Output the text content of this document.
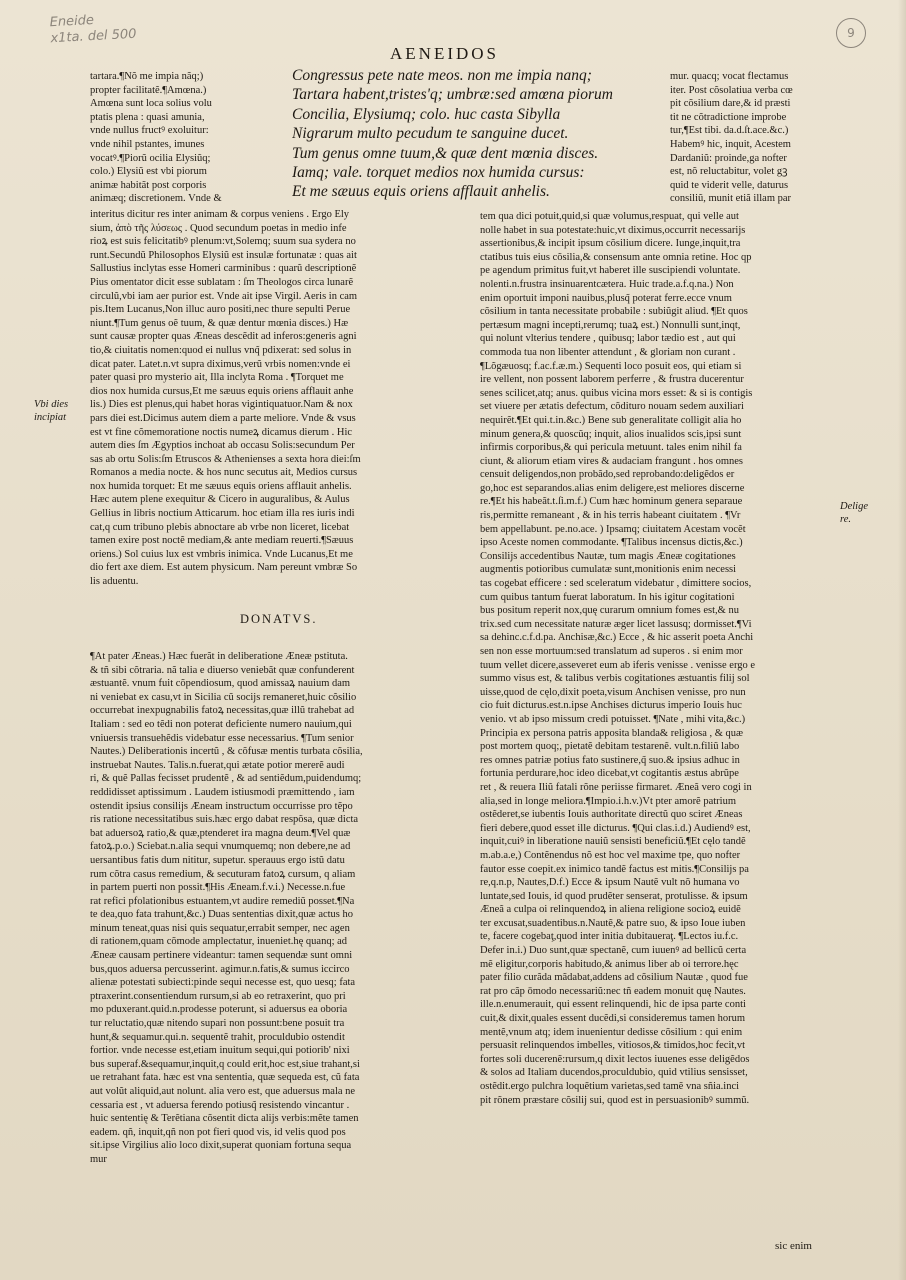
Eneide
x1ta. del 500	9
AENEIDOS
tartara.¶Nõ me impia nãq;)
propter facilitatẽ.¶Amœna.)
Amœna sunt loca solius volu
ptatis plena : quasi amunia,
vnde nullus fructꝰ exoluitur:
vnde nihil pstantes, imunes
vocatꝰ.¶Piorũ ocilia Elysiũq;
colo.) Elysiũ est vbi piorum
animæ habitãt post corporis
animæq; discretionem. Vnde &
Congressus pete nate meos. non me impia nanq;
Tartara habent,tristes'q; umbræ:sed amœna piorum
Concilia, Elysiumq; colo. huc casta Sibylla
Nigrarum multo pecudum te sanguine ducet.
Tum genus omne tuum,& quæ dent mœnia disces.
Iamq; vale. torquet medios nox humida cursus:
Et me sæuus equis oriens afflauit anhelis.
mur. quacq; vocat flectamus
iter. Post cõsolatiua verba cœ
pit cõsilium dare,& id præsti
tit ne cõtradictione improbe
tur,¶Est tibi. da.d.ſt.ace.&c.)
Habemꝰ hic, inquit, Acestem
Dardaniũ: proinde,ga nofter
est, nõ reluctabitur, volet gꝫ
quid te viderit velle, daturus
consiliũ, munit etiã illam par
interitus dicitur res inter animam & corpus veniens . Ergo Ely
sium, ἀπὸ τῆς λύσεως . Quod secundum poetas in medio infe
rioꝝ est suis felicitatibꝰ plenum:vt,Solemq; suum sua sydera no
runt.Secundũ Philosophos Elysiũ est insulæ fortunatæ : quas ait
Sallustius inclytas esse Homeri carminibus : quarũ descriptionẽ
Pius omentator dicit esse sublatam : ſm Theologos circa lunarẽ
circulũ,vbi iam aer purior est. Vnde ait ipse Virgil. Aeris in cam
pis.Item Lucanus,Non illuc auro positi,nec thure sepulti Perue
niunt.¶Tum genus oẽ tuum, & quæ dentur mœnia disces.) Hæ
sunt causæ propter quas Æneas descẽdit ad inferos:generis agni
tio,& ciuitatis nomen:quod ei nullus vnq̃ pdixerat: sed solus in
dicat pater. Latet.n.vt supra diximus,verũ vrbis nomen:vnde ei
pater quasi pro mysterio ait, Illa inclyta Roma . ¶Torquet me
dios nox humida cursus,Et me sæuus equis oriens afflauit anhe
lis.) Dies est plenus,qui habet horas vigintiquatuor.Nam & nox
pars diei est.Dicimus autem diem a parte meliore. Vnde & vsus
est vt fine cõmemoratione noctis numeꝝ dicamus dierum . Hic
autem dies ſm Ægyptios inchoat ab occasu Solis:secundum Per
sas ab ortu Solis:ſm Etruscos & Athenienses a sexta hora diei:ſm
Romanos a media nocte. & hos nunc secutus ait, Medios cursus
nox humida torquet: Et me sæuus equis oriens afflauit anhelis.
Hæc autem plene exequitur & Cicero in auguralibus, & Aulus
Gellius in libris noctium Atticarum. hoc etiam illa res iuris indi
cat,q cum tribuno plebis abnoctare ab vrbe non liceret, licebat
tamen exire post noctẽ mediam,& ante mediam reuerti.¶Sæuus
oriens.) Sol cuius lux est vmbris inimica. Vnde Lucanus,Et me
dio fert axe diem. Est autem physicum. Nam pereunt vmbræ So
lis aduentu.
Vbi dies
incipiat
DONATVS.
¶At pater Æneas.) Hæc fuerãt in deliberatione Æneæ pstituta.
& tñ sibi cõtraria. nã talia e diuerso veniebãt quæ confunderent
æstuantẽ. vnum fuit cõpendiosum, quod amissaꝝ nauium dam
ni veniebat ex casu,vt in Sicilia cũ socijs remaneret,huic cõsilio
occurrebat inexpugnabilis fatoꝝ necessitas,quæ illũ trahebat ad
Italiam : sed eo tẽdi non poterat deficiente numero nauium,qui
vniuersis transuehẽdis videbatur esse necessarius. ¶Tum senior
Nautes.) Deliberationis incertũ , & cõfusæ mentis turbata cõsilia,
instruebat Nautes. Talis.n.fuerat,qui ætate potior mererẽ audi
ri, & quẽ Pallas fecisset prudentẽ , & ad sentiẽdum,puidendumq;
reddidisset aptissimum . Laudem istiusmodi præmittendo , iam
ostendit ipsius consilijs Æneam instructum occurrisse pro tẽpo
ris ratione necessitatibus suis.hæc ergo dabat respõsa, quæ dicta
bat aduersoꝝ ratio,& quæ,ptenderet ira magna deum.¶Vel quæ
fatoꝝ.p.o.) Sciebat.n.alia sequi vnumquemq; non debere,ne ad
uersantibus fatis dum nititur, supetur. sperauus ergo istũ datu
rum cõtra casus remedium, & secuturam fatoꝝ cursum, q aliam
in partem puerti non possit.¶His Æneam.f.v.i.) Necesse.n.fue
rat refici pfolationibus estuantem,vt audire remediũ posset.¶Na
te dea,quo fata trahunt,&c.) Duas sententias dixit,quæ actus ho
minum teneat,quas nisi quis sequatur,errabit semper, nec agen
di rationem,quam cõmode amplectatur, inueniet.hę quanq; ad
Æneæ causam pertinere videantur: tamen sequendæ sunt omni
bus,quos aduersa percusserint. agimur.n.fatis,& sumus iccirco
alienæ potestati subiecti:pinde sequi necesse est, quo uesq; fata
ptraxerint.consentiendum rursum,si ab eo retraxerint, quo pri
mo pduxerant.quid.n.prodesse poterunt, si aduersus ea oboria
tur reluctatio,quæ nitendo supari non possunt:bene posuit tra
hunt,& sequamur.qui.n. sequentẽ trahit, proculdubio ostendit
fortior. vnde necesse est,etiam inuitum sequi,qui potiorib' nixi
bus superaf.&sequamur,inquit,q could erit,hoc est,siue trahant,si
ue retrahant fata. hæc est vna sententia, quæ sequeda est, cũ fata
aut volũt aliquid,aut nolunt. alia vero est, que aduersus mala ne
cessaria est , vt aduersa ferendo potiusq̃ resistendo vincantur .
huic sententię & Terẽtiana cõsentit dicta alijs verbis:mẽte tamen
eadem. qñ, inquit,qñ non pot fieri quod vis, id velis quod pos
sit.ipse Virgilius alio loco dixit,superat quoniam fortuna sequa
mur
tem qua dici potuit,quid,si quæ volumus,respuat, qui velle aut
nolle habet in sua potestate:huic,vt diximus,occurrit necessarijs
assertionibus,& incipit ipsum cõsilium dicere. Iunge,inquit,tra
ctatibus tuis eius cõsilia,& consensum ante omnia retine. Hoc qp
pe agendum primitus fuit,vt haberet ille suscipiendi voluntate.
nolenti.n.frustra insinuarentcætera. Huic trade.a.f.q.na.) Non
enim oportuit imponi nauibus,plusq̃ poterat ferre.ecce vnum
cõsilium in tanta necessitate probabile : subiũgit aliud. ¶Et quos
pertæsum magni incepti,rerumq; tuaꝝ est.) Nonnulli sunt,inqt,
qui nolunt vlterius tendere , quibusq; labor tædio est , aut qui
commoda tua non libenter attendunt , & gloriam non curant .
¶Lõgæuosq; f.ac.f.æ.m.) Sequenti loco posuit eos, qui etiam si
ire vellent, non possent laborem perferre , & frustra ducerentur
senes scilicet,atq; anus. quibus vicina mors esset: & si is contigis
set viuere per ætatis defectum, cõditurо nouam sedem auxiliari
nequirẽt.¶Et qui.t.in.&c.) Bene sub generalitate colligit alia ho
minum genera,& quoscũq; inquit, alios inualidos scis,ipsi sunt
infirmis corporibus,& qui pericula metuunt. tales enim nihil fa
ciunt, & aliorum etiam vires & audaciam frangunt . hos omnes
censuit deligendos,non probãdo,sed reprobando:deligẽdos er
go,hoc est separandos.alias enim deligere,est meliores discerne
re.¶Et his habeãt.t.ſi.m.f.) Cum hæc hominum genera separaue
ris,permitte remaneant , & in his terris habeant ciuitatem . ¶Vr
bem appellabunt. pe.no.ace. ) Ipsamq; ciuitatem Acestam vocẽt
ipso Aceste nomen commodante. ¶Talibus incensus dictis,&c.)
Consilijs accedentibus Nautæ, tum magis Æneæ cogitationes
augmentis potioribus cumulatæ sunt,monitionis enim necessi
tas cogebat efficere : sed sceleratum videbatur , dimittere socios,
cum quibus tantum fuerat laboratum. In his igitur cogitationi
bus positum reperit nox,quę curarum omnium fomes est,& nu
trix.sed cum necessitate naturæ æger licet lassusq; dormisset.¶Vi
sa dehinc.c.f.d.pa. Anchisæ,&c.) Ecce , & hic asserit poeta Anchi
sen non esse mortuum:sed translatum ad superos . si enim mor
tuum vellet dicere,asseveret eum ab iferis venisse . venisse ergo e
summo visus est, & talibus verbis cogitationes æstuantis filij sol
uisse,quod de cęlo,dixit poeta,visum Anchisen venisse, pro nun
cio fuit dicturus.est.n.ipse Anchises dicturus imperio Iouis huc
venio. vt ab ipso missum credi potuisset. ¶Nate , mihi vita,&c.)
Principia ex persona patris apposita blanda& religiosa , & quæ
post mortem quoq;, pietatẽ debitam testarenẽ. vult.n.filiũ labo
res omnes patriæ potius fato sustinere,q̃ suo.& ipsius adhuc in
fortunia perdurare,hoc ideo dicebat,vt cogitantis æstus abrũpe
ret , & reuera Iliũ fatali rõne periisse firmaret. Æneã vero cogi in
alia,sed in longe meliora.¶Impio.i.h.v.)Vt pter amorẽ patrium
ostẽderet,se iubentis Iouis authoritate directũ quo sciret Æneas
fieri debere,quod esset ille dicturus. ¶Qui clas.i.d.) Audiendꝰ est,
inquit,cuiꝰ in liberatione nauiũ sensisti beneficiũ.¶Et cęlo tandẽ
m.ab.a.e,) Contẽnendus nõ est hoc vel maxime tpe, quo nofter
fautor esse coepit.ex inimico tandẽ factus est mitis.¶Consilijs pa
re,q.n.p, Nautes,D.f.) Ecce & ipsum Nautẽ vult nõ humana vo
luntate,sed Iouis, id quod prudẽter senserat, protulisse. & ipsum
Æneã a culpa oi relinquendoꝝ in aliena religione socioꝝ euidẽ
ter excusat,suadentibus.n.Nautẽ,& patre suo, & ipso Ioue iuben
te, facere cogebaţ,quod inter initia dubitaueraţ. ¶Lectos iu.f.c.
Defer in.i.) Duo sunt,quæ spectanẽ, cum iuuenꝰ ad bellicũ certa
mẽ eligitur,corporis habitudo,& animus liber ab oi terrore.hęc
pater filio curãda mãdabat,addens ad cõsilium Nautæ , quod fue
rat pro cãp ōmodo necessariũ:nec tñ eadem monuit quę Nautes.
ille.n.enumerauit, qui essent relinquendi, hic de ipsa parte conti
cuit,& dixit,quales essent ducẽdi,si consideremus tamen horum
mentẽ,vnum atq; idem inuenientur dedisse cõsilium : qui enim
persuasit relinquendos imbelles, vitiosos,& timidos,hoc fecit,vt
fortes soli ducerenẽ:rursum,q dixit lectos iuuenes esse deligẽdos
& solos ad Italiam ducendos,proculdubio, quid vtilius sensisset,
ostẽdit.ergo pulchra loquẽtium varietas,sed tamẽ vna sñia.inci
pit rõnem præstare cõsilij sui, quod est in persuasionibꝰ summũ.
Delige
re.
sic enim
